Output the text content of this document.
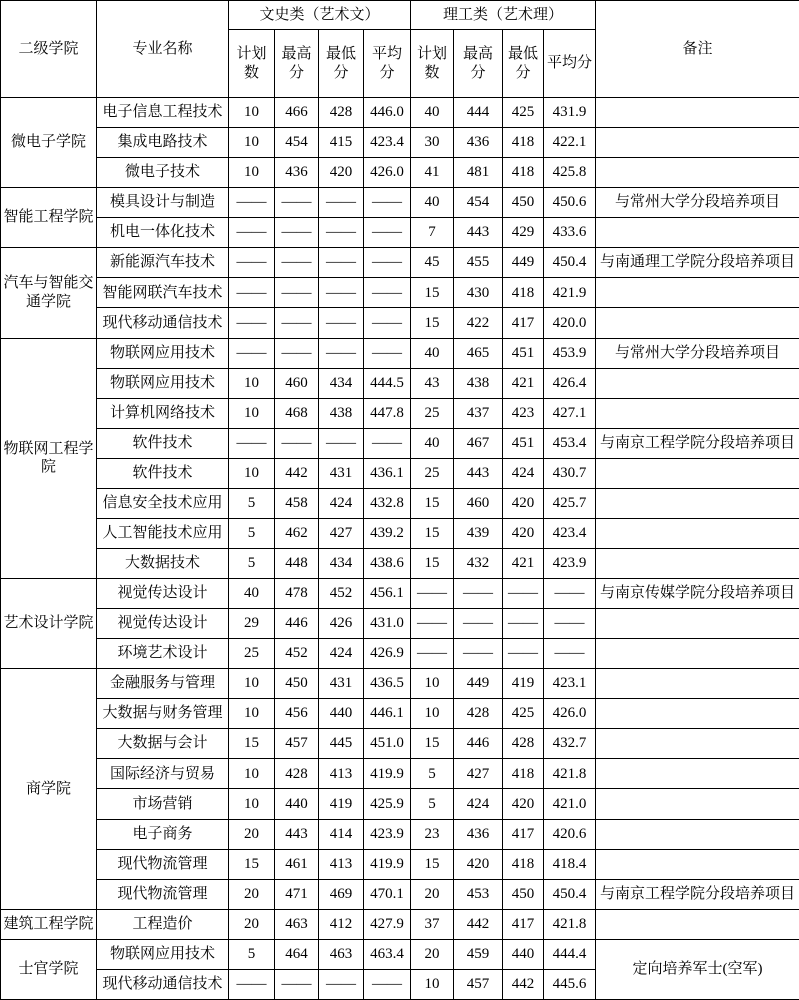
二级学院	专业名称	文史类（艺术文）				理工类（艺术理）				备注
		计划数	最高分	最低分	平均分	计划数	最高分	最低分	平均分	
微电子学院	电子信息工程技术	10	466	428	446.0	40	444	425	431.9	
	集成电路技术	10	454	415	423.4	30	436	418	422.1	
	微电子技术	10	436	420	426.0	41	481	418	425.8	
智能工程学院	模具设计与制造	——	——	——	——	40	454	450	450.6	与常州大学分段培养项目
	机电一体化技术	——	——	——	——	7	443	429	433.6	
汽车与智能交通学院	新能源汽车技术	——	——	——	——	45	455	449	450.4	与南通理工学院分段培养项目
	智能网联汽车技术	——	——	——	——	15	430	418	421.9	
	现代移动通信技术	——	——	——	——	15	422	417	420.0	
物联网工程学院	物联网应用技术	——	——	——	——	40	465	451	453.9	与常州大学分段培养项目
	物联网应用技术	10	460	434	444.5	43	438	421	426.4	
	计算机网络技术	10	468	438	447.8	25	437	423	427.1	
	软件技术	——	——	——	——	40	467	451	453.4	与南京工程学院分段培养项目
	软件技术	10	442	431	436.1	25	443	424	430.7	
	信息安全技术应用	5	458	424	432.8	15	460	420	425.7	
	人工智能技术应用	5	462	427	439.2	15	439	420	423.4	
	大数据技术	5	448	434	438.6	15	432	421	423.9	
艺术设计学院	视觉传达设计	40	478	452	456.1	——	——	——	——	与南京传媒学院分段培养项目
	视觉传达设计	29	446	426	431.0	——	——	——	——	
	环境艺术设计	25	452	424	426.9	——	——	——	——	
商学院	金融服务与管理	10	450	431	436.5	10	449	419	423.1	
	大数据与财务管理	10	456	440	446.1	10	428	425	426.0	
	大数据与会计	15	457	445	451.0	15	446	428	432.7	
	国际经济与贸易	10	428	413	419.9	5	427	418	421.8	
	市场营销	10	440	419	425.9	5	424	420	421.0	
	电子商务	20	443	414	423.9	23	436	417	420.6	
	现代物流管理	15	461	413	419.9	15	420	418	418.4	
	现代物流管理	20	471	469	470.1	20	453	450	450.4	与南京工程学院分段培养项目
建筑工程学院	工程造价	20	463	412	427.9	37	442	417	421.8	
士官学院	物联网应用技术	5	464	463	463.4	20	459	440	444.4	定向培养军士(空军)
	现代移动通信技术	——	——	——	——	10	457	442	445.6	
